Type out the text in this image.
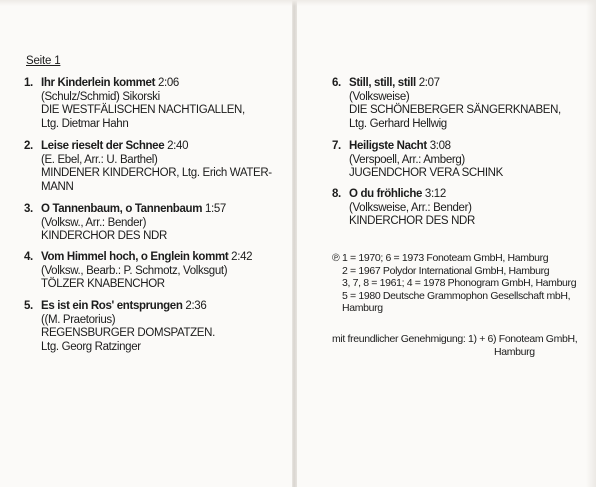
Seite 1
1. Ihr Kinderlein kommet 2:06
(Schulz/Schmid) Sikorski
DIE WESTFÄLISCHEN NACHTIGALLEN,
Ltg. Dietmar Hahn
2. Leise rieselt der Schnee 2:40
(E. Ebel, Arr.: U. Barthel)
MINDENER KINDERCHOR, Ltg. Erich WATER-
MANN
3. O Tannenbaum, o Tannenbaum 1:57
(Volksw., Arr.: Bender)
KINDERCHOR DES NDR
4. Vom Himmel hoch, o Englein kommt 2:42
(Volksw., Bearb.: P. Schmotz, Volksgut)
TÖLZER KNABENCHOR
5. Es ist ein Ros' entsprungen 2:36
((M. Praetorius)
REGENSBURGER DOMSPATZEN.
Ltg. Georg Ratzinger
6. Still, still, still 2:07
(Volksweise)
DIE SCHÖNEBERGER SÄNGERKNABEN,
Ltg. Gerhard Hellwig
7. Heiligste Nacht 3:08
(Verspoell, Arr.: Amberg)
JUGENDCHOR VERA SCHINK
8. O du fröhliche 3:12
(Volksweise, Arr.: Bender)
KINDERCHOR DES NDR
℗ 1 = 1970; 6 = 1973 Fonoteam GmbH, Hamburg
2 = 1967 Polydor International GmbH, Hamburg
3, 7, 8 = 1961; 4 = 1978 Phonogram GmbH, Hamburg
5 = 1980 Deutsche Grammophon Gesellschaft mbH,
Hamburg
mit freundlicher Genehmigung: 1) + 6) Fonoteam GmbH,
Hamburg
